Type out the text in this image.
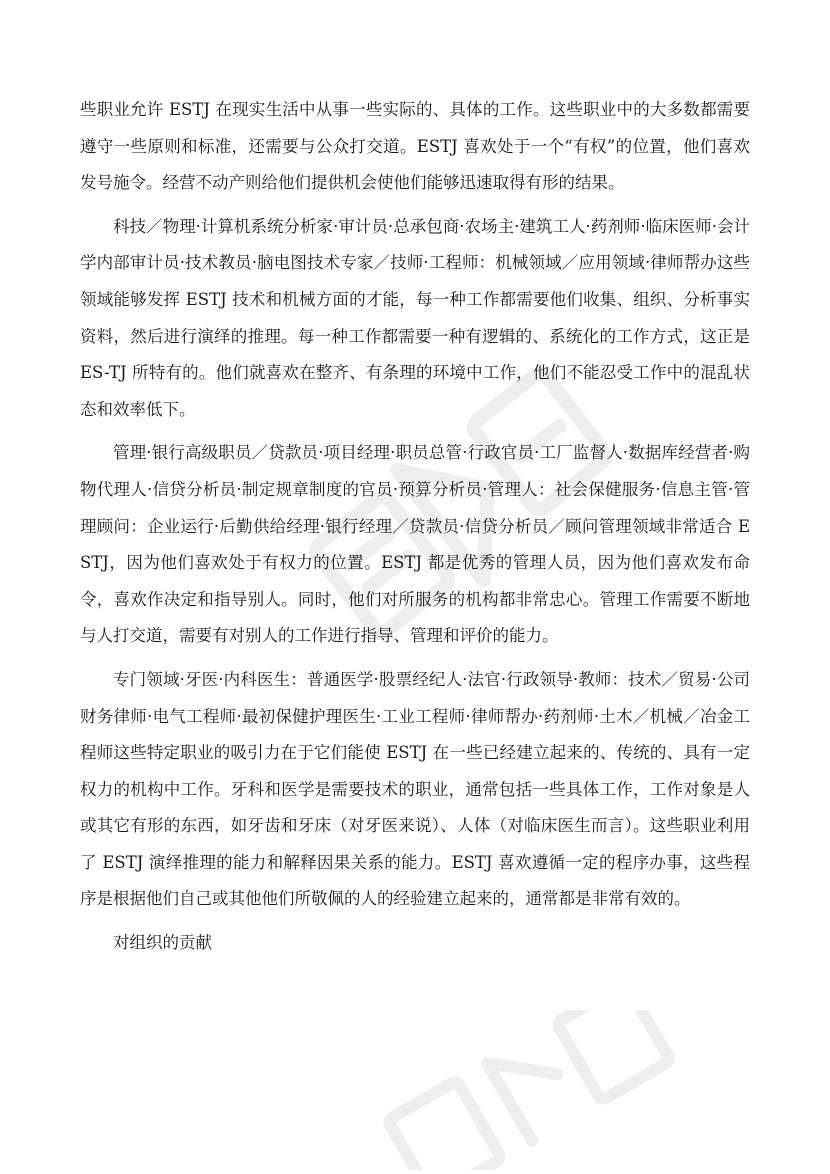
些职业允许 ESTJ 在现实生活中从事一些实际的、具体的工作。这些职业中的大多数都需要遵守一些原则和标准，还需要与公众打交道。ESTJ 喜欢处于一个“有权”的位置，他们喜欢发号施令。经营不动产则给他们提供机会使他们能够迅速取得有形的结果。

科技／物理·计算机系统分析家·审计员·总承包商·农场主·建筑工人·药剂师·临床医师·会计学内部审计员·技术教员·脑电图技术专家／技师·工程师：机械领域／应用领域·律师帮办这些领域能够发挥 ESTJ 技术和机械方面的才能，每一种工作都需要他们收集、组织、分析事实资料，然后进行演绎的推理。每一种工作都需要一种有逻辑的、系统化的工作方式，这正是 ES-TJ 所特有的。他们就喜欢在整齐、有条理的环境中工作，他们不能忍受工作中的混乱状态和效率低下。

管理·银行高级职员／贷款员·项目经理·职员总管·行政官员·工厂监督人·数据库经营者·购物代理人·信贷分析员·制定规章制度的官员·预算分析员·管理人：社会保健服务·信息主管·管理顾问：企业运行·后勤供给经理·银行经理／贷款员·信贷分析员／顾问管理领域非常适合 ESTJ，因为他们喜欢处于有权力的位置。ESTJ 都是优秀的管理人员，因为他们喜欢发布命令，喜欢作决定和指导别人。同时，他们对所服务的机构都非常忠心。管理工作需要不断地与人打交道，需要有对别人的工作进行指导、管理和评价的能力。

专门领域·牙医·内科医生：普通医学·股票经纪人·法官·行政领导·教师：技术／贸易·公司财务律师·电气工程师·最初保健护理医生·工业工程师·律师帮办·药剂师·土木／机械／冶金工程师这些特定职业的吸引力在于它们能使 ESTJ 在一些已经建立起来的、传统的、具有一定权力的机构中工作。牙科和医学是需要技术的职业，通常包括一些具体工作，工作对象是人或其它有形的东西，如牙齿和牙床（对牙医来说）、人体（对临床医生而言）。这些职业利用了 ESTJ 演绎推理的能力和解释因果关系的能力。ESTJ 喜欢遵循一定的程序办事，这些程序是根据他们自己或其他他们所敬佩的人的经验建立起来的，通常都是非常有效的。

对组织的贡献
